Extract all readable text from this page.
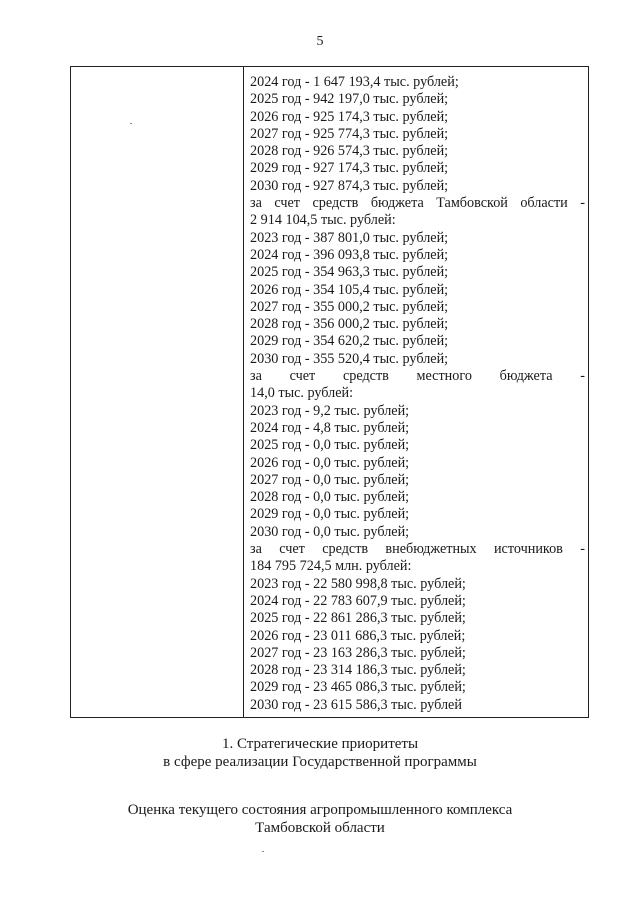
5
2024 год - 1 647 193,4 тыс. рублей;
2025 год - 942 197,0 тыс. рублей;
2026 год - 925 174,3 тыс. рублей;
2027 год - 925 774,3 тыс. рублей;
2028 год - 926 574,3 тыс. рублей;
2029 год - 927 174,3 тыс. рублей;
2030 год - 927 874,3 тыс. рублей;
за счет средств бюджета Тамбовской области -
2 914 104,5 тыс. рублей:
2023 год - 387 801,0 тыс. рублей;
2024 год - 396 093,8 тыс. рублей;
2025 год - 354 963,3 тыс. рублей;
2026 год - 354 105,4 тыс. рублей;
2027 год - 355 000,2 тыс. рублей;
2028 год - 356 000,2 тыс. рублей;
2029 год - 354 620,2 тыс. рублей;
2030 год - 355 520,4 тыс. рублей;
за счет средств местного бюджета -
14,0 тыс. рублей:
2023 год - 9,2 тыс. рублей;
2024 год - 4,8 тыс. рублей;
2025 год - 0,0 тыс. рублей;
2026 год - 0,0 тыс. рублей;
2027 год - 0,0 тыс. рублей;
2028 год - 0,0 тыс. рублей;
2029 год - 0,0 тыс. рублей;
2030 год - 0,0 тыс. рублей;
за счет средств внебюджетных источников -
184 795 724,5 млн. рублей:
2023 год - 22 580 998,8 тыс. рублей;
2024 год - 22 783 607,9 тыс. рублей;
2025 год - 22 861 286,3 тыс. рублей;
2026 год - 23 011 686,3 тыс. рублей;
2027 год - 23 163 286,3 тыс. рублей;
2028 год - 23 314 186,3 тыс. рублей;
2029 год - 23 465 086,3 тыс. рублей;
2030 год - 23 615 586,3 тыс. рублей
1. Стратегические приоритеты
в сфере реализации Государственной программы
Оценка текущего состояния агропромышленного комплекса
Тамбовской области
